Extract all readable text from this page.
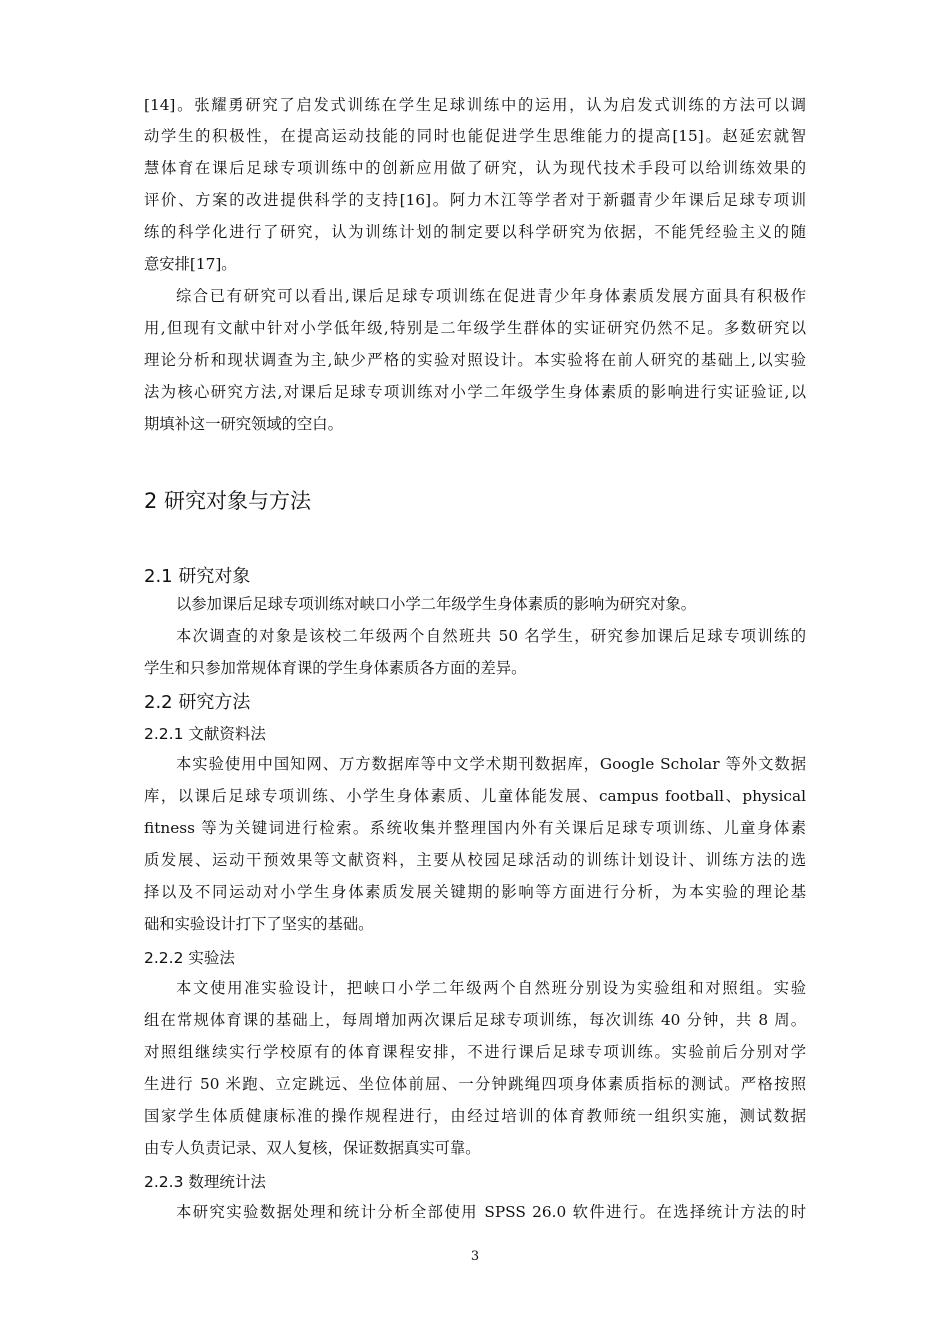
[14]。张耀勇研究了启发式训练在学生足球训练中的运用，认为启发式训练的方法可以调
动学生的积极性，在提高运动技能的同时也能促进学生思维能力的提高[15]。赵延宏就智
慧体育在课后足球专项训练中的创新应用做了研究，认为现代技术手段可以给训练效果的
评价、方案的改进提供科学的支持[16]。阿力木江等学者对于新疆青少年课后足球专项训
练的科学化进行了研究，认为训练计划的制定要以科学研究为依据，不能凭经验主义的随
意安排[17]。
综合已有研究可以看出,课后足球专项训练在促进青少年身体素质发展方面具有积极作
用,但现有文献中针对小学低年级,特别是二年级学生群体的实证研究仍然不足。多数研究以
理论分析和现状调查为主,缺少严格的实验对照设计。本实验将在前人研究的基础上,以实验
法为核心研究方法,对课后足球专项训练对小学二年级学生身体素质的影响进行实证验证,以
期填补这一研究领域的空白。
2 研究对象与方法
2.1 研究对象
以参加课后足球专项训练对峡口小学二年级学生身体素质的影响为研究对象。
本次调查的对象是该校二年级两个自然班共 50 名学生，研究参加课后足球专项训练的
学生和只参加常规体育课的学生身体素质各方面的差异。
2.2 研究方法
2.2.1 文献资料法
本实验使用中国知网、万方数据库等中文学术期刊数据库，Google Scholar 等外文数据
库，以课后足球专项训练、小学生身体素质、儿童体能发展、campus football、physical
fitness 等为关键词进行检索。系统收集并整理国内外有关课后足球专项训练、儿童身体素
质发展、运动干预效果等文献资料，主要从校园足球活动的训练计划设计、训练方法的选
择以及不同运动对小学生身体素质发展关键期的影响等方面进行分析，为本实验的理论基
础和实验设计打下了坚实的基础。
2.2.2 实验法
本文使用准实验设计，把峡口小学二年级两个自然班分别设为实验组和对照组。实验
组在常规体育课的基础上，每周增加两次课后足球专项训练，每次训练 40 分钟，共 8 周。
对照组继续实行学校原有的体育课程安排，不进行课后足球专项训练。实验前后分别对学
生进行 50 米跑、立定跳远、坐位体前屈、一分钟跳绳四项身体素质指标的测试。严格按照
国家学生体质健康标准的操作规程进行，由经过培训的体育教师统一组织实施，测试数据
由专人负责记录、双人复核，保证数据真实可靠。
2.2.3 数理统计法
本研究实验数据处理和统计分析全部使用 SPSS 26.0 软件进行。在选择统计方法的时
3
